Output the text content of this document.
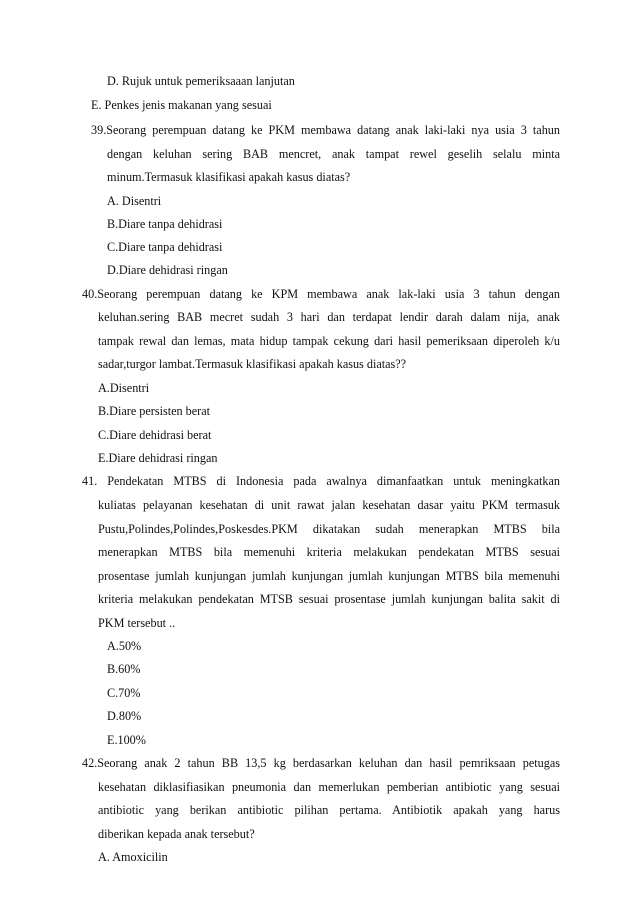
D. Rujuk untuk pemeriksaaan lanjutan
E. Penkes jenis makanan yang sesuai
39.Seorang perempuan datang ke PKM membawa datang anak laki-laki nya usia 3 tahun
dengan keluhan sering BAB mencret, anak tampat rewel geselih selalu minta
minum.Termasuk klasifikasi apakah kasus diatas?
A. Disentri
B.Diare tanpa dehidrasi
C.Diare tanpa dehidrasi
D.Diare dehidrasi ringan
40.Seorang perempuan datang ke KPM membawa anak lak-laki usia 3 tahun dengan
keluhan.sering BAB mecret sudah 3 hari dan terdapat lendir darah dalam nija, anak
tampak rewal dan lemas, mata hidup tampak cekung dari hasil pemeriksaan diperoleh k/u
sadar,turgor lambat.Termasuk klasifikasi apakah kasus diatas??
A.Disentri
B.Diare persisten berat
C.Diare dehidrasi berat
E.Diare dehidrasi ringan
41. Pendekatan MTBS di Indonesia pada awalnya dimanfaatkan untuk meningkatkan
kuliatas pelayanan kesehatan di unit rawat jalan kesehatan dasar yaitu PKM termasuk
Pustu,Polindes,Polindes,Poskesdes.PKM dikatakan sudah menerapkan MTBS bila
menerapkan MTBS bila memenuhi kriteria melakukan pendekatan MTBS sesuai
prosentase jumlah kunjungan jumlah kunjungan jumlah kunjungan MTBS bila memenuhi
kriteria melakukan pendekatan MTSB sesuai prosentase jumlah kunjungan balita sakit di
PKM tersebut ..
A.50%
B.60%
C.70%
D.80%
E.100%
42.Seorang anak 2 tahun BB 13,5 kg berdasarkan keluhan dan hasil pemriksaan petugas
kesehatan diklasifiasikan pneumonia dan memerlukan pemberian antibiotic yang sesuai
antibiotic yang berikan antibiotic pilihan pertama. Antibiotik apakah yang harus
diberikan kepada anak tersebut?
A. Amoxicilin
